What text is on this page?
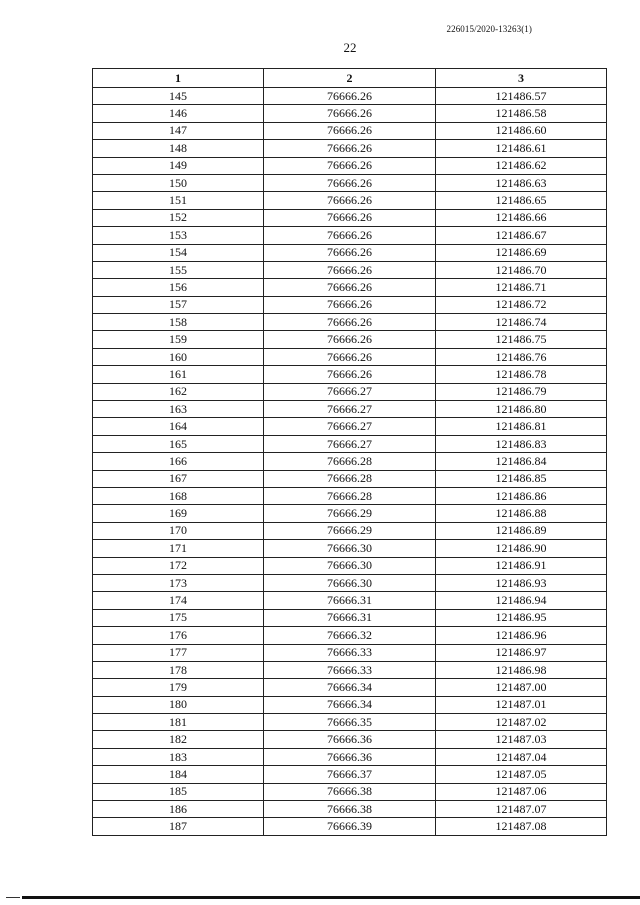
226015/2020-13263(1)
22
1	2	3
145	76666.26	121486.57
146	76666.26	121486.58
147	76666.26	121486.60
148	76666.26	121486.61
149	76666.26	121486.62
150	76666.26	121486.63
151	76666.26	121486.65
152	76666.26	121486.66
153	76666.26	121486.67
154	76666.26	121486.69
155	76666.26	121486.70
156	76666.26	121486.71
157	76666.26	121486.72
158	76666.26	121486.74
159	76666.26	121486.75
160	76666.26	121486.76
161	76666.26	121486.78
162	76666.27	121486.79
163	76666.27	121486.80
164	76666.27	121486.81
165	76666.27	121486.83
166	76666.28	121486.84
167	76666.28	121486.85
168	76666.28	121486.86
169	76666.29	121486.88
170	76666.29	121486.89
171	76666.30	121486.90
172	76666.30	121486.91
173	76666.30	121486.93
174	76666.31	121486.94
175	76666.31	121486.95
176	76666.32	121486.96
177	76666.33	121486.97
178	76666.33	121486.98
179	76666.34	121487.00
180	76666.34	121487.01
181	76666.35	121487.02
182	76666.36	121487.03
183	76666.36	121487.04
184	76666.37	121487.05
185	76666.38	121487.06
186	76666.38	121487.07
187	76666.39	121487.08
